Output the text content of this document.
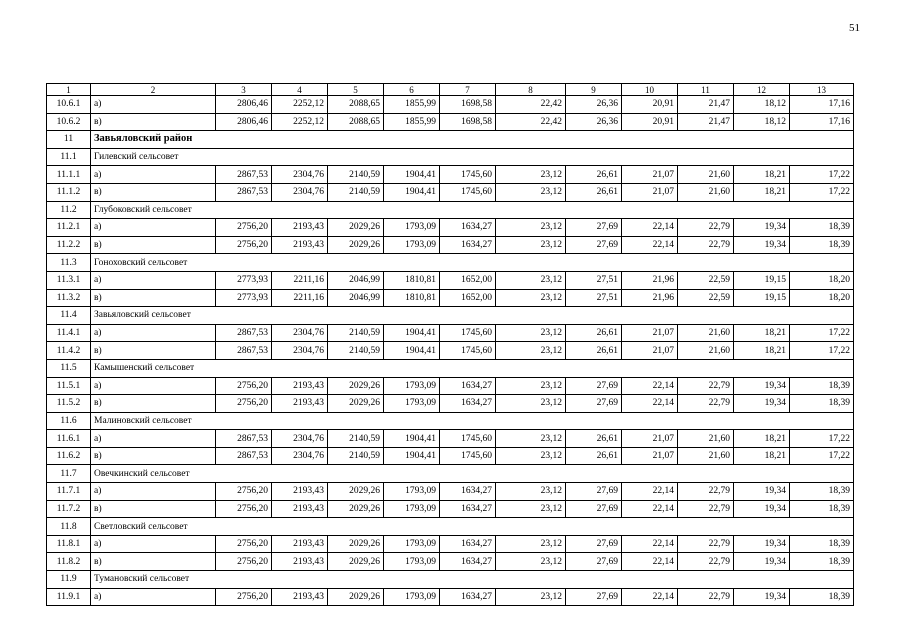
51
1	2	3	4	5	6	7	8	9	10	11	12	13
10.6.1	а)	2806,46	2252,12	2088,65	1855,99	1698,58	22,42	26,36	20,91	21,47	18,12	17,16
10.6.2	в)	2806,46	2252,12	2088,65	1855,99	1698,58	22,42	26,36	20,91	21,47	18,12	17,16
11	Завьяловский район											
11.1	Гилевский сельсовет											
11.1.1	а)	2867,53	2304,76	2140,59	1904,41	1745,60	23,12	26,61	21,07	21,60	18,21	17,22
11.1.2	в)	2867,53	2304,76	2140,59	1904,41	1745,60	23,12	26,61	21,07	21,60	18,21	17,22
11.2	Глубоковский сельсовет											
11.2.1	а)	2756,20	2193,43	2029,26	1793,09	1634,27	23,12	27,69	22,14	22,79	19,34	18,39
11.2.2	в)	2756,20	2193,43	2029,26	1793,09	1634,27	23,12	27,69	22,14	22,79	19,34	18,39
11.3	Гоноховский сельсовет											
11.3.1	а)	2773,93	2211,16	2046,99	1810,81	1652,00	23,12	27,51	21,96	22,59	19,15	18,20
11.3.2	в)	2773,93	2211,16	2046,99	1810,81	1652,00	23,12	27,51	21,96	22,59	19,15	18,20
11.4	Завьяловский сельсовет											
11.4.1	а)	2867,53	2304,76	2140,59	1904,41	1745,60	23,12	26,61	21,07	21,60	18,21	17,22
11.4.2	в)	2867,53	2304,76	2140,59	1904,41	1745,60	23,12	26,61	21,07	21,60	18,21	17,22
11.5	Камышенский сельсовет											
11.5.1	а)	2756,20	2193,43	2029,26	1793,09	1634,27	23,12	27,69	22,14	22,79	19,34	18,39
11.5.2	в)	2756,20	2193,43	2029,26	1793,09	1634,27	23,12	27,69	22,14	22,79	19,34	18,39
11.6	Малиновский сельсовет											
11.6.1	а)	2867,53	2304,76	2140,59	1904,41	1745,60	23,12	26,61	21,07	21,60	18,21	17,22
11.6.2	в)	2867,53	2304,76	2140,59	1904,41	1745,60	23,12	26,61	21,07	21,60	18,21	17,22
11.7	Овечкинский сельсовет											
11.7.1	а)	2756,20	2193,43	2029,26	1793,09	1634,27	23,12	27,69	22,14	22,79	19,34	18,39
11.7.2	в)	2756,20	2193,43	2029,26	1793,09	1634,27	23,12	27,69	22,14	22,79	19,34	18,39
11.8	Светловский сельсовет											
11.8.1	а)	2756,20	2193,43	2029,26	1793,09	1634,27	23,12	27,69	22,14	22,79	19,34	18,39
11.8.2	в)	2756,20	2193,43	2029,26	1793,09	1634,27	23,12	27,69	22,14	22,79	19,34	18,39
11.9	Тумановский сельсовет											
11.9.1	а)	2756,20	2193,43	2029,26	1793,09	1634,27	23,12	27,69	22,14	22,79	19,34	18,39
